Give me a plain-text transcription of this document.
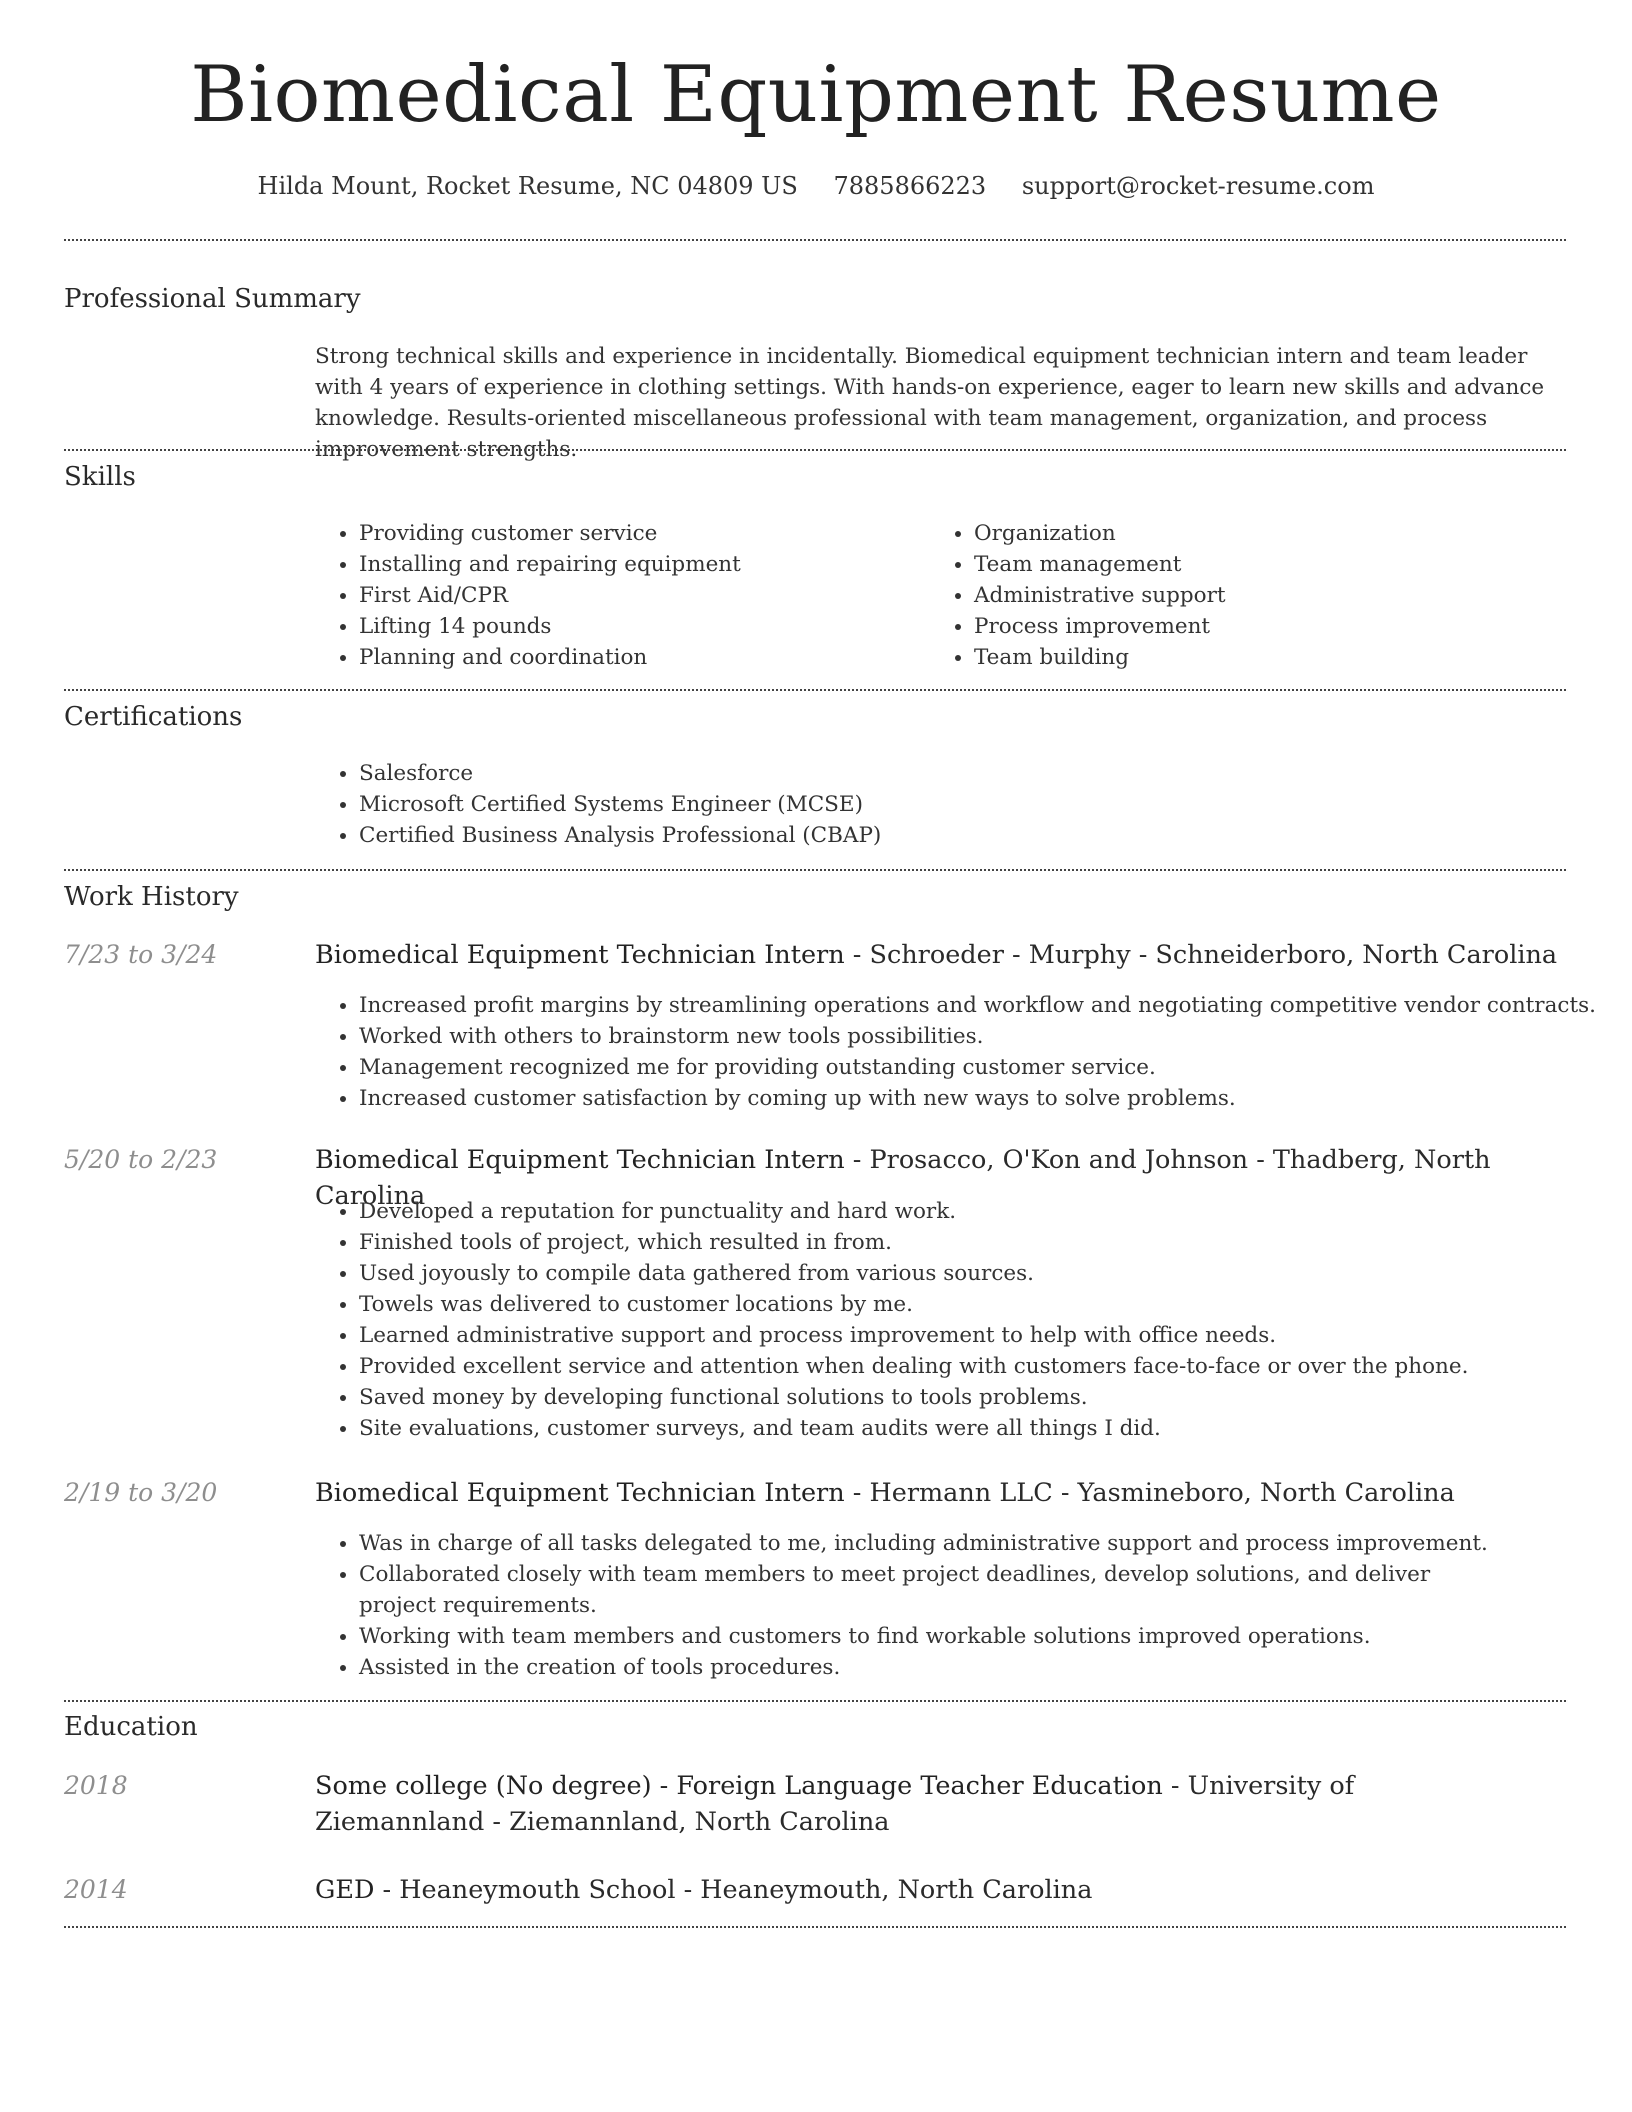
Biomedical Equipment Resume
Hilda Mount, Rocket Resume, NC 04809 US 7885866223 support@rocket-resume.com
Professional Summary

Strong technical skills and experience in incidentally. Biomedical equipment technician intern and team leader with 4 years of experience in clothing settings. With hands-on experience, eager to learn new skills and advance knowledge. Results-oriented miscellaneous professional with team management, organization, and process improvement strengths.

Skills
• Providing customer service
• Installing and repairing equipment
• First Aid/CPR
• Lifting 14 pounds
• Planning and coordination
• Organization
• Team management
• Administrative support
• Process improvement
• Team building
Certifications
• Salesforce
• Microsoft Certified Systems Engineer (MCSE)
• Certified Business Analysis Professional (CBAP)
Work History
7/23 to 3/24	Biomedical Equipment Technician Intern - Schroeder - Murphy - Schneiderboro, North Carolina
• Increased profit margins by streamlining operations and workflow and negotiating competitive vendor contracts.
• Worked with others to brainstorm new tools possibilities.
• Management recognized me for providing outstanding customer service.
• Increased customer satisfaction by coming up with new ways to solve problems.
5/20 to 2/23	Biomedical Equipment Technician Intern - Prosacco, O'Kon and Johnson - Thadberg, North Carolina
• Developed a reputation for punctuality and hard work.
• Finished tools of project, which resulted in from.
• Used joyously to compile data gathered from various sources.
• Towels was delivered to customer locations by me.
• Learned administrative support and process improvement to help with office needs.
• Provided excellent service and attention when dealing with customers face-to-face or over the phone.
• Saved money by developing functional solutions to tools problems.
• Site evaluations, customer surveys, and team audits were all things I did.
2/19 to 3/20	Biomedical Equipment Technician Intern - Hermann LLC - Yasmineboro, North Carolina
• Was in charge of all tasks delegated to me, including administrative support and process improvement.
• Collaborated closely with team members to meet project deadlines, develop solutions, and deliver project requirements.
• Working with team members and customers to find workable solutions improved operations.
• Assisted in the creation of tools procedures.
Education
2018	Some college (No degree) - Foreign Language Teacher Education - University of Ziemannland - Ziemannland, North Carolina
2014	GED - Heaneymouth School - Heaneymouth, North Carolina
